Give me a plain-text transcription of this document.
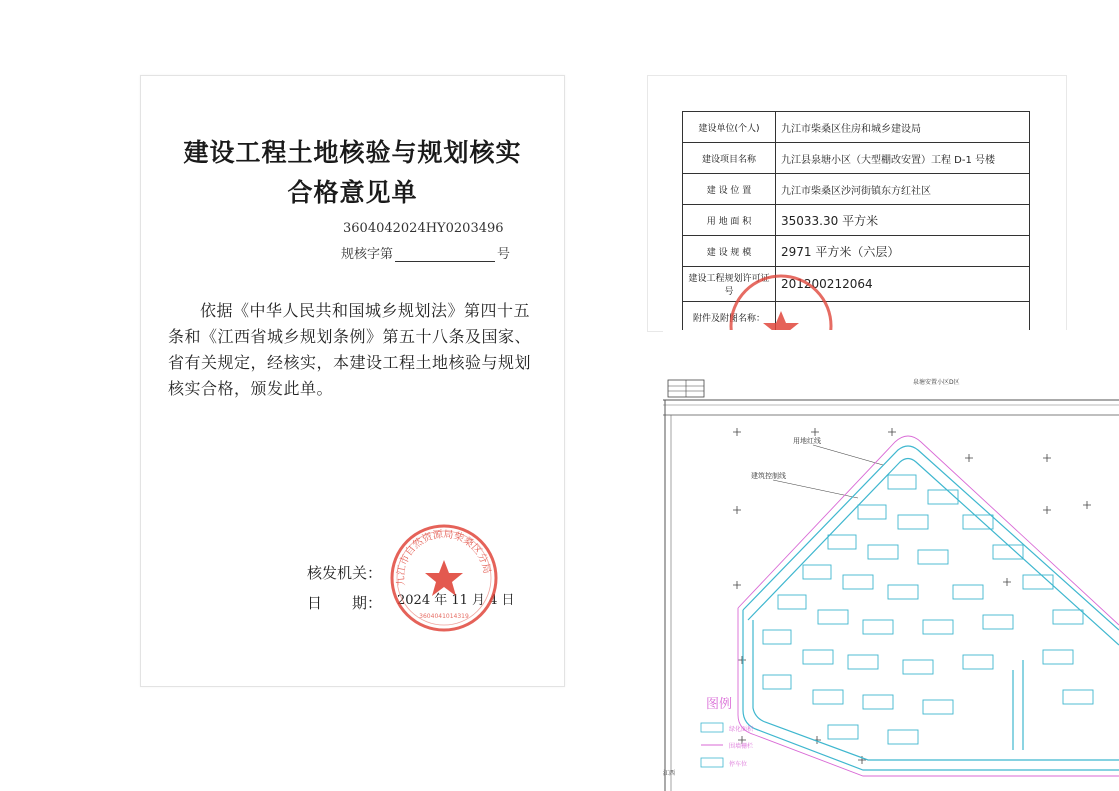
建设工程土地核验与规划核实
合格意见单
3604042024HY0203496
规核字第	号
依据《中华人民共和国城乡规划法》第四十五条和《江西省城乡规划条例》第五十八条及国家、省有关规定，经核实，本建设工程土地核验与规划核实合格，颁发此单。
核发机关：
日　　期： 2024 年 11 月 4 日
九江市自然资源局柴桑区分局
3604041014319
建设单位(个人)	九江市柴桑区住房和城乡建设局
建设项目名称	九江县泉塘小区（大型棚改安置）工程 D-1 号楼
建 设 位 置	九江市柴桑区沙河街镇东方红社区
用 地 面 积	35033.30 平方米
建 设 规 模	2971 平方米（六层）
建设工程规划许可证号	201200212064
附件及附图名称：	
泉塘安置小区D区
用地红线
建筑控制线
图例
绿化面积
围墙栅栏
停车位
江西
